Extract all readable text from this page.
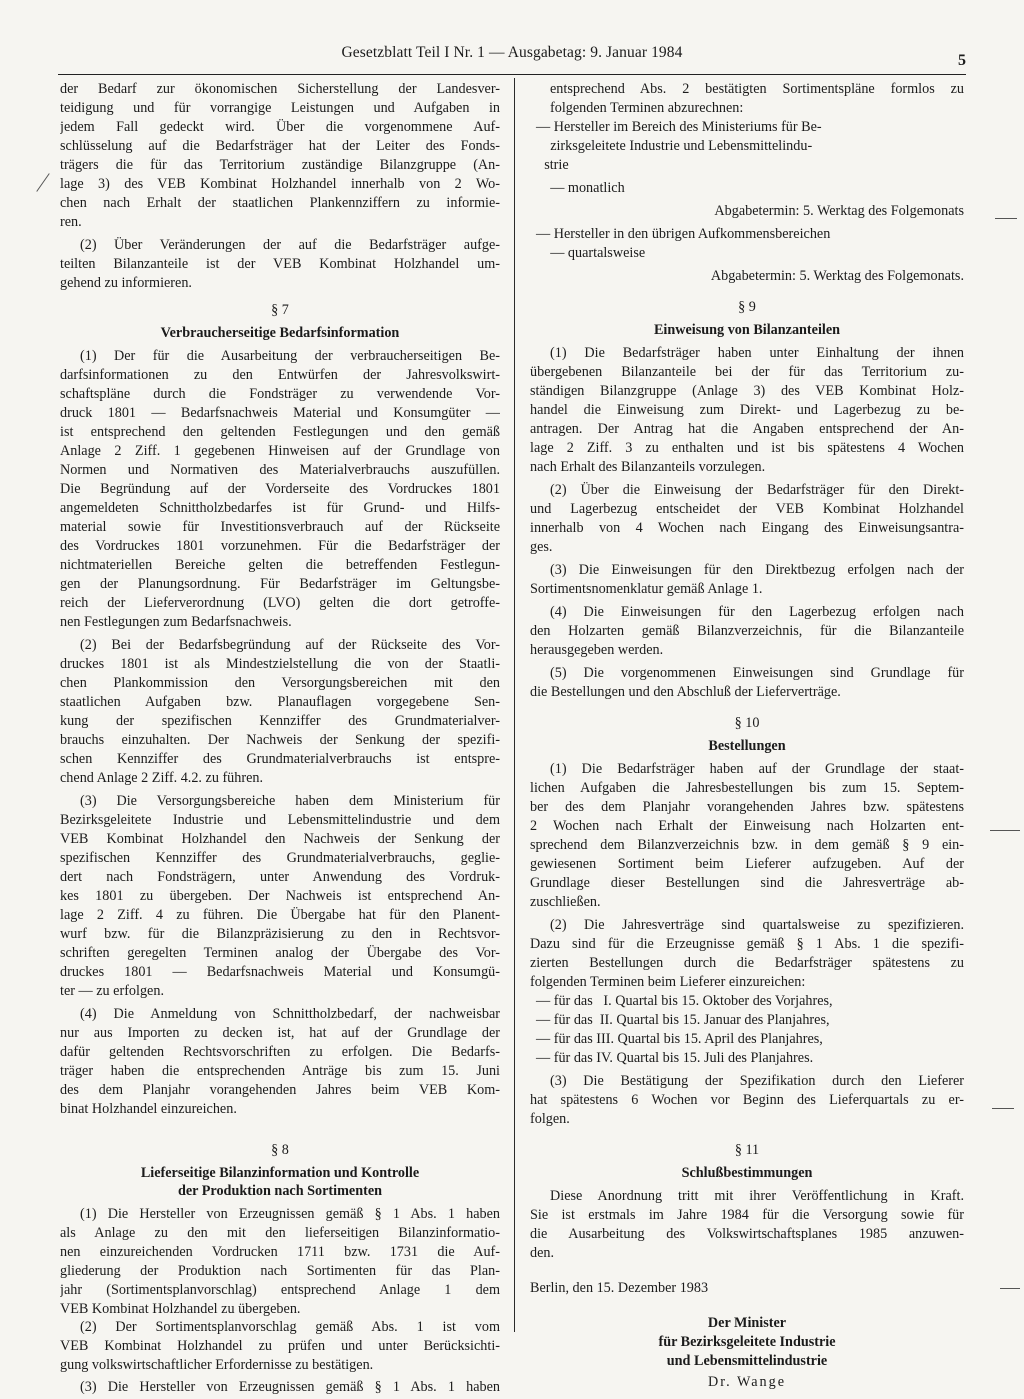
Gesetzblatt Teil I Nr. 1 — Ausgabetag: 9. Januar 1984	5
der Bedarf zur ökonomischen Sicherstellung der Landesver-
teidigung und für vorrangige Leistungen und Aufgaben in
jedem Fall gedeckt wird. Über die vorgenommene Auf-
schlüsselung auf die Bedarfsträger hat der Leiter des Fonds-
trägers die für das Territorium zuständige Bilanzgruppe (An-
lage 3) des VEB Kombinat Holzhandel innerhalb von 2 Wo-
chen nach Erhalt der staatlichen Plankennziffern zu informie-
ren.
(2) Über Veränderungen der auf die Bedarfsträger aufge-
teilten Bilanzanteile ist der VEB Kombinat Holzhandel um-
gehend zu informieren.
§ 7
Verbraucherseitige Bedarfsinformation
(1) Der für die Ausarbeitung der verbraucherseitigen Be-
darfsinformationen zu den Entwürfen der Jahresvolkswirt-
schaftspläne durch die Fondsträger zu verwendende Vor-
druck 1801 — Bedarfsnachweis Material und Konsumgüter —
ist entsprechend den geltenden Festlegungen und den gemäß
Anlage 2 Ziff. 1 gegebenen Hinweisen auf der Grundlage von
Normen und Normativen des Materialverbrauchs auszufüllen.
Die Begründung auf der Vorderseite des Vordruckes 1801
angemeldeten Schnittholzbedarfes ist für Grund- und Hilfs-
material sowie für Investitionsverbrauch auf der Rückseite
des Vordruckes 1801 vorzunehmen. Für die Bedarfsträger der
nichtmateriellen Bereiche gelten die betreffenden Festlegun-
gen der Planungsordnung. Für Bedarfsträger im Geltungsbe-
reich der Lieferverordnung (LVO) gelten die dort getroffe-
nen Festlegungen zum Bedarfsnachweis.
(2) Bei der Bedarfsbegründung auf der Rückseite des Vor-
druckes 1801 ist als Mindestzielstellung die von der Staatli-
chen Plankommission den Versorgungsbereichen mit den
staatlichen Aufgaben bzw. Planauflagen vorgegebene Sen-
kung der spezifischen Kennziffer des Grundmaterialver-
brauchs einzuhalten. Der Nachweis der Senkung der spezifi-
schen Kennziffer des Grundmaterialverbrauchs ist entspre-
chend Anlage 2 Ziff. 4.2. zu führen.
(3) Die Versorgungsbereiche haben dem Ministerium für
Bezirksgeleitete Industrie und Lebensmittelindustrie und dem
VEB Kombinat Holzhandel den Nachweis der Senkung der
spezifischen Kennziffer des Grundmaterialverbrauchs, geglie-
dert nach Fondsträgern, unter Anwendung des Vordruk-
kes 1801 zu übergeben. Der Nachweis ist entsprechend An-
lage 2 Ziff. 4 zu führen. Die Übergabe hat für den Planent-
wurf bzw. für die Bilanzpräzisierung zu den in Rechtsvor-
schriften geregelten Terminen analog der Übergabe des Vor-
druckes 1801 — Bedarfsnachweis Material und Konsumgü-
ter — zu erfolgen.
(4) Die Anmeldung von Schnittholzbedarf, der nachweisbar
nur aus Importen zu decken ist, hat auf der Grundlage der
dafür geltenden Rechtsvorschriften zu erfolgen. Die Bedarfs-
träger haben die entsprechenden Anträge bis zum 15. Juni
des dem Planjahr vorangehenden Jahres beim VEB Kom-
binat Holzhandel einzureichen.
§ 8
Lieferseitige Bilanzinformation und Kontrolle
der Produktion nach Sortimenten
(1) Die Hersteller von Erzeugnissen gemäß § 1 Abs. 1 haben
als Anlage zu den mit den lieferseitigen Bilanzinformatio-
nen einzureichenden Vordrucken 1711 bzw. 1731 die Auf-
gliederung der Produktion nach Sortimenten für das Plan-
jahr (Sortimentsplanvorschlag) entsprechend Anlage 1 dem
VEB Kombinat Holzhandel zu übergeben.
(2) Der Sortimentsplanvorschlag gemäß Abs. 1 ist vom
VEB Kombinat Holzhandel zu prüfen und unter Berücksichti-
gung volkswirtschaftlicher Erfordernisse zu bestätigen.
(3) Die Hersteller von Erzeugnissen gemäß § 1 Abs. 1 haben
entsprechend Abs. 2 bestätigten Sortimentspläne formlos zu
folgenden Terminen abzurechnen:
— Hersteller im Bereich des Ministeriums für Be-
zirksgeleitete Industrie und Lebensmittelindu-
strie
— monatlich
Abgabetermin: 5. Werktag des Folgemonats
— Hersteller in den übrigen Aufkommensbereichen
— quartalsweise
Abgabetermin: 5. Werktag des Folgemonats.
§ 9
Einweisung von Bilanzanteilen
(1) Die Bedarfsträger haben unter Einhaltung der ihnen
übergebenen Bilanzanteile bei der für das Territorium zu-
ständigen Bilanzgruppe (Anlage 3) des VEB Kombinat Holz-
handel die Einweisung zum Direkt- und Lagerbezug zu be-
antragen. Der Antrag hat die Angaben entsprechend der An-
lage 2 Ziff. 3 zu enthalten und ist bis spätestens 4 Wochen
nach Erhalt des Bilanzanteils vorzulegen.
(2) Über die Einweisung der Bedarfsträger für den Direkt-
und Lagerbezug entscheidet der VEB Kombinat Holzhandel
innerhalb von 4 Wochen nach Eingang des Einweisungsantra-
ges.
(3) Die Einweisungen für den Direktbezug erfolgen nach der
Sortimentsnomenklatur gemäß Anlage 1.
(4) Die Einweisungen für den Lagerbezug erfolgen nach
den Holzarten gemäß Bilanzverzeichnis, für die Bilanzanteile
herausgegeben werden.
(5) Die vorgenommenen Einweisungen sind Grundlage für
die Bestellungen und den Abschluß der Lieferverträge.
§ 10
Bestellungen
(1) Die Bedarfsträger haben auf der Grundlage der staat-
lichen Aufgaben die Jahresbestellungen bis zum 15. Septem-
ber des dem Planjahr vorangehenden Jahres bzw. spätestens
2 Wochen nach Erhalt der Einweisung nach Holzarten ent-
sprechend dem Bilanzverzeichnis bzw. in dem gemäß § 9 ein-
gewiesenen Sortiment beim Lieferer aufzugeben. Auf der
Grundlage dieser Bestellungen sind die Jahresverträge ab-
zuschließen.
(2) Die Jahresverträge sind quartalsweise zu spezifizieren.
Dazu sind für die Erzeugnisse gemäß § 1 Abs. 1 die spezifi-
zierten Bestellungen durch die Bedarfsträger spätestens zu
folgenden Terminen beim Lieferer einzureichen:
— für das   I. Quartal bis 15. Oktober des Vorjahres,
— für das  II. Quartal bis 15. Januar des Planjahres,
— für das III. Quartal bis 15. April des Planjahres,
— für das IV. Quartal bis 15. Juli des Planjahres.
(3) Die Bestätigung der Spezifikation durch den Lieferer
hat spätestens 6 Wochen vor Beginn des Lieferquartals zu er-
folgen.
§ 11
Schlußbestimmungen
Diese Anordnung tritt mit ihrer Veröffentlichung in Kraft.
Sie ist erstmals im Jahre 1984 für die Versorgung sowie für
die Ausarbeitung des Volkswirtschaftsplanes 1985 anzuwen-
den.
Berlin, den 15. Dezember 1983
Der Minister
für Bezirksgeleitete Industrie
und Lebensmittelindustrie
Dr. Wange
